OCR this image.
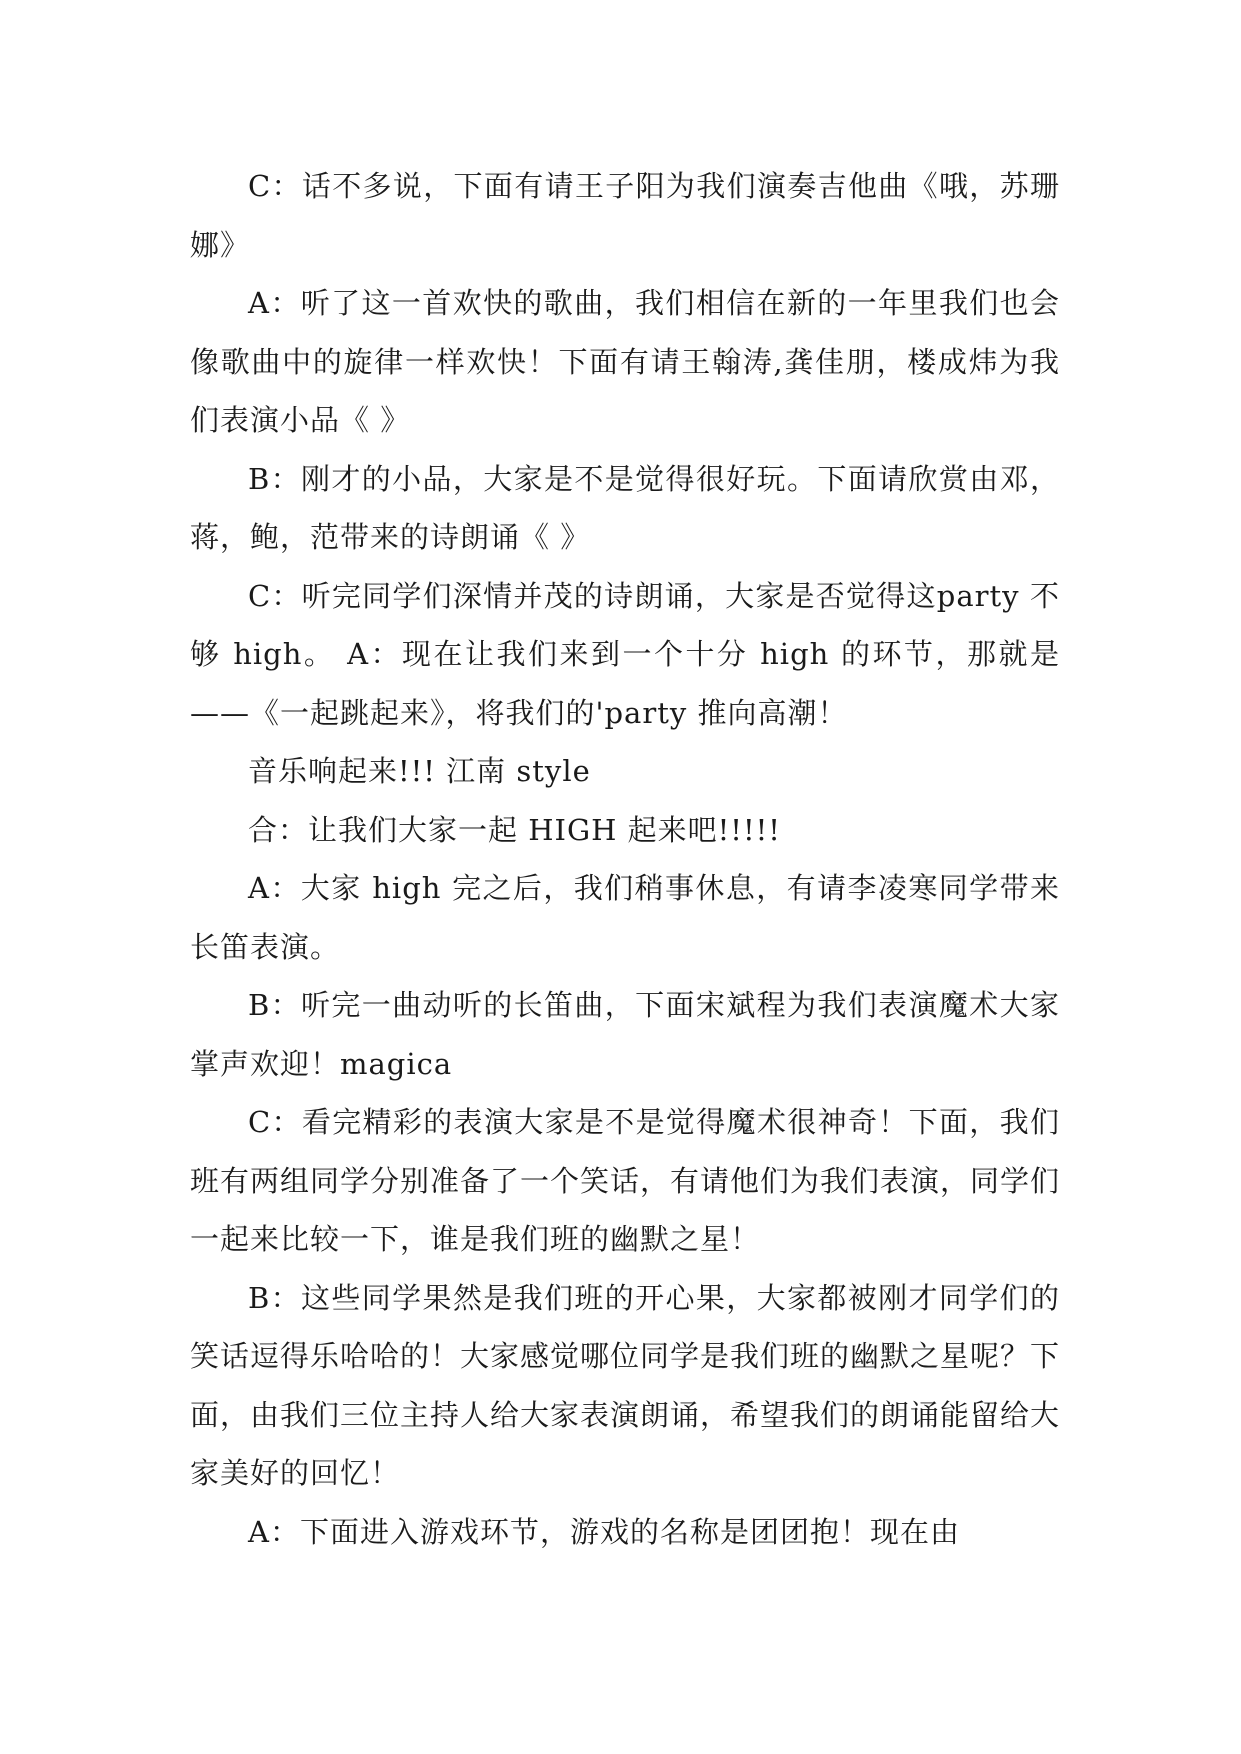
C：话不多说，下面有请王子阳为我们演奏吉他曲《哦，苏珊娜》

A：听了这一首欢快的歌曲，我们相信在新的一年里我们也会像歌曲中的旋律一样欢快！下面有请王翰涛,龚佳朋，楼成炜为我们表演小品《 》

B：刚才的小品，大家是不是觉得很好玩。下面请欣赏由邓，蒋，鲍，范带来的诗朗诵《 》

C：听完同学们深情并茂的诗朗诵，大家是否觉得这party 不够 high。 A：现在让我们来到一个十分 high 的环节，那就是——《一起跳起来》，将我们的'party 推向高潮！

音乐响起来!!! 江南 style

合：让我们大家一起 HIGH 起来吧!!!!!

A：大家 high 完之后，我们稍事休息，有请李凌寒同学带来长笛表演。

B：听完一曲动听的长笛曲，下面宋斌程为我们表演魔术大家掌声欢迎！magica

C：看完精彩的表演大家是不是觉得魔术很神奇！下面，我们班有两组同学分别准备了一个笑话，有请他们为我们表演，同学们一起来比较一下，谁是我们班的幽默之星！

B：这些同学果然是我们班的开心果，大家都被刚才同学们的笑话逗得乐哈哈的！大家感觉哪位同学是我们班的幽默之星呢？下面，由我们三位主持人给大家表演朗诵，希望我们的朗诵能留给大家美好的回忆！

A：下面进入游戏环节，游戏的名称是团团抱！现在由
